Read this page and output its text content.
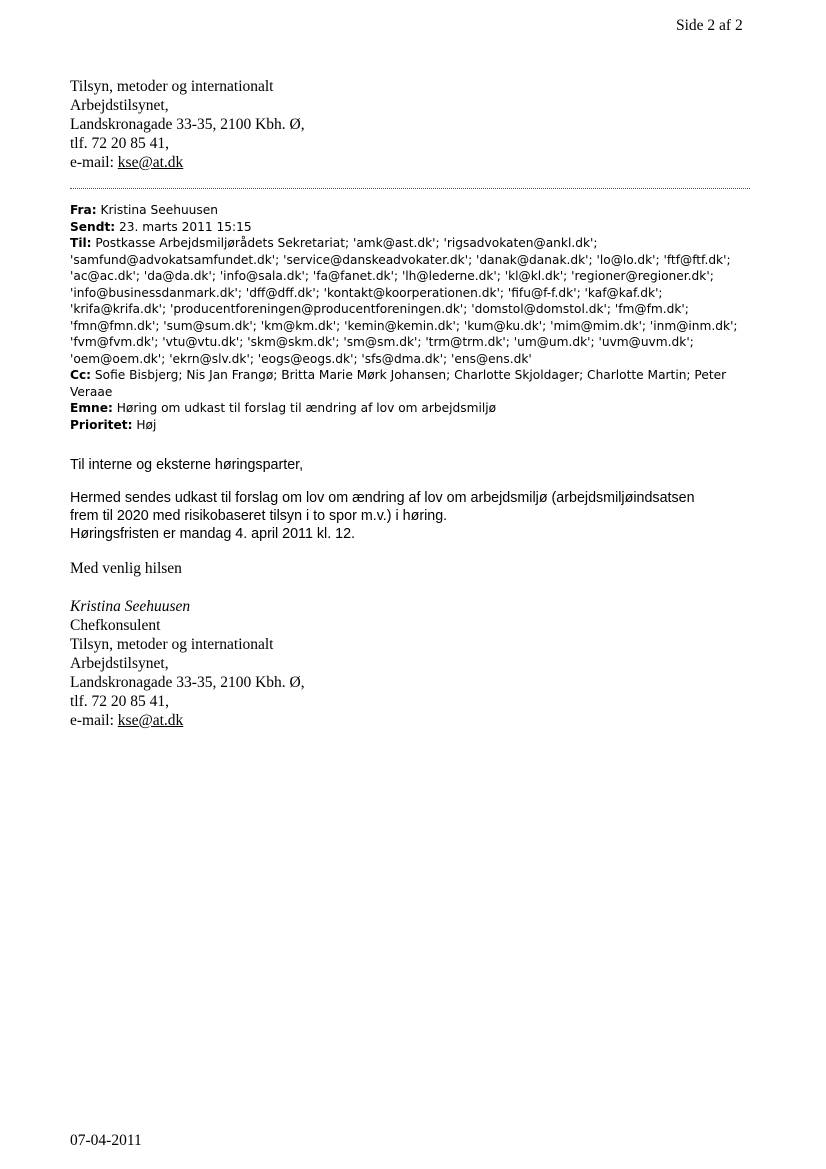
Side 2 af 2
Tilsyn, metoder og internationalt
Arbejdstilsynet,
Landskronagade 33-35, 2100 Kbh. Ø,
tlf. 72 20 85 41,
e-mail: kse@at.dk
Fra: Kristina Seehuusen
Sendt: 23. marts 2011 15:15
Til: Postkasse Arbejdsmiljørådets Sekretariat; 'amk@ast.dk'; 'rigsadvokaten@ankl.dk';
'samfund@advokatsamfundet.dk'; 'service@danskeadvokater.dk'; 'danak@danak.dk'; 'lo@lo.dk'; 'ftf@ftf.dk';
'ac@ac.dk'; 'da@da.dk'; 'info@sala.dk'; 'fa@fanet.dk'; 'lh@lederne.dk'; 'kl@kl.dk'; 'regioner@regioner.dk';
'info@businessdanmark.dk'; 'dff@dff.dk'; 'kontakt@koorperationen.dk'; 'fifu@f-f.dk'; 'kaf@kaf.dk';
'krifa@krifa.dk'; 'producentforeningen@producentforeningen.dk'; 'domstol@domstol.dk'; 'fm@fm.dk';
'fmn@fmn.dk'; 'sum@sum.dk'; 'km@km.dk'; 'kemin@kemin.dk'; 'kum@ku.dk'; 'mim@mim.dk'; 'inm@inm.dk';
'fvm@fvm.dk'; 'vtu@vtu.dk'; 'skm@skm.dk'; 'sm@sm.dk'; 'trm@trm.dk'; 'um@um.dk'; 'uvm@uvm.dk';
'oem@oem.dk'; 'ekrn@slv.dk'; 'eogs@eogs.dk'; 'sfs@dma.dk'; 'ens@ens.dk'
Cc: Sofie Bisbjerg; Nis Jan Frangø; Britta Marie Mørk Johansen; Charlotte Skjoldager; Charlotte Martin; Peter
Veraae
Emne: Høring om udkast til forslag til ændring af lov om arbejdsmiljø
Prioritet: Høj
Til interne og eksterne høringsparter,
Hermed sendes udkast til forslag om lov om ændring af lov om arbejdsmiljø (arbejdsmiljøindsatsen
frem til 2020 med risikobaseret tilsyn i to spor m.v.) i høring.
Høringsfristen er mandag 4. april 2011 kl. 12.
Med venlig hilsen
Kristina Seehuusen
Chefkonsulent
Tilsyn, metoder og internationalt
Arbejdstilsynet,
Landskronagade 33-35, 2100 Kbh. Ø,
tlf. 72 20 85 41,
e-mail: kse@at.dk
07-04-2011
